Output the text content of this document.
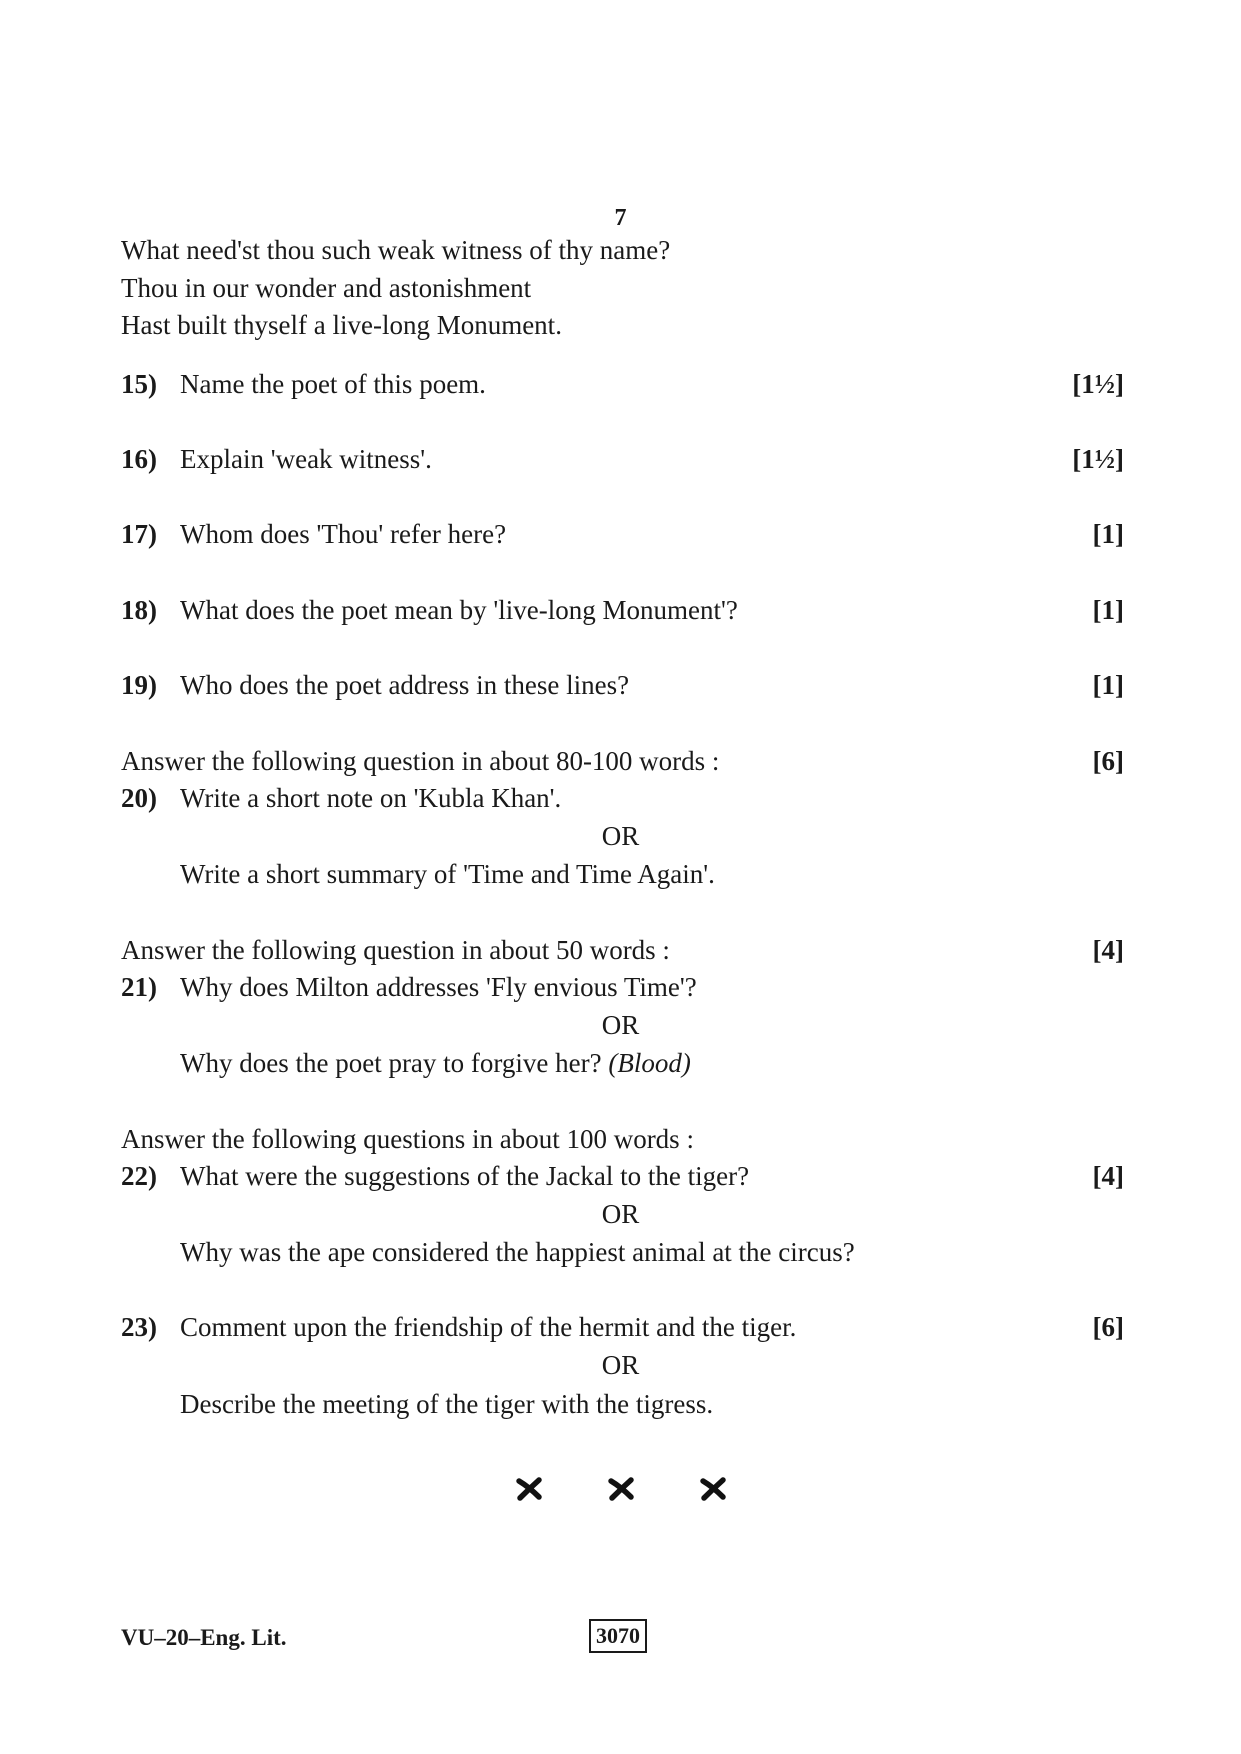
7
What need'st thou such weak witness of thy name?
Thou in our wonder and astonishment
Hast built thyself a live-long Monument.
15) Name the poet of this poem.	[1½]
16) Explain 'weak witness'.	[1½]
17) Whom does 'Thou' refer here?	[1]
18) What does the poet mean by 'live-long Monument'?	[1]
19) Who does the poet address in these lines?	[1]
Answer the following question in about 80-100 words :	[6]
20) Write a short note on 'Kubla Khan'.
OR
Write a short summary of 'Time and Time Again'.
Answer the following question in about 50 words :	[4]
21) Why does Milton addresses 'Fly envious Time'?
OR
Why does the poet pray to forgive her? (Blood)
Answer the following questions in about 100 words :
22) What were the suggestions of the Jackal to the tiger?	[4]
OR
Why was the ape considered the happiest animal at the circus?
23) Comment upon the friendship of the hermit and the tiger.	[6]
OR
Describe the meeting of the tiger with the tigress.

VU–20–Eng. Lit.	3070
